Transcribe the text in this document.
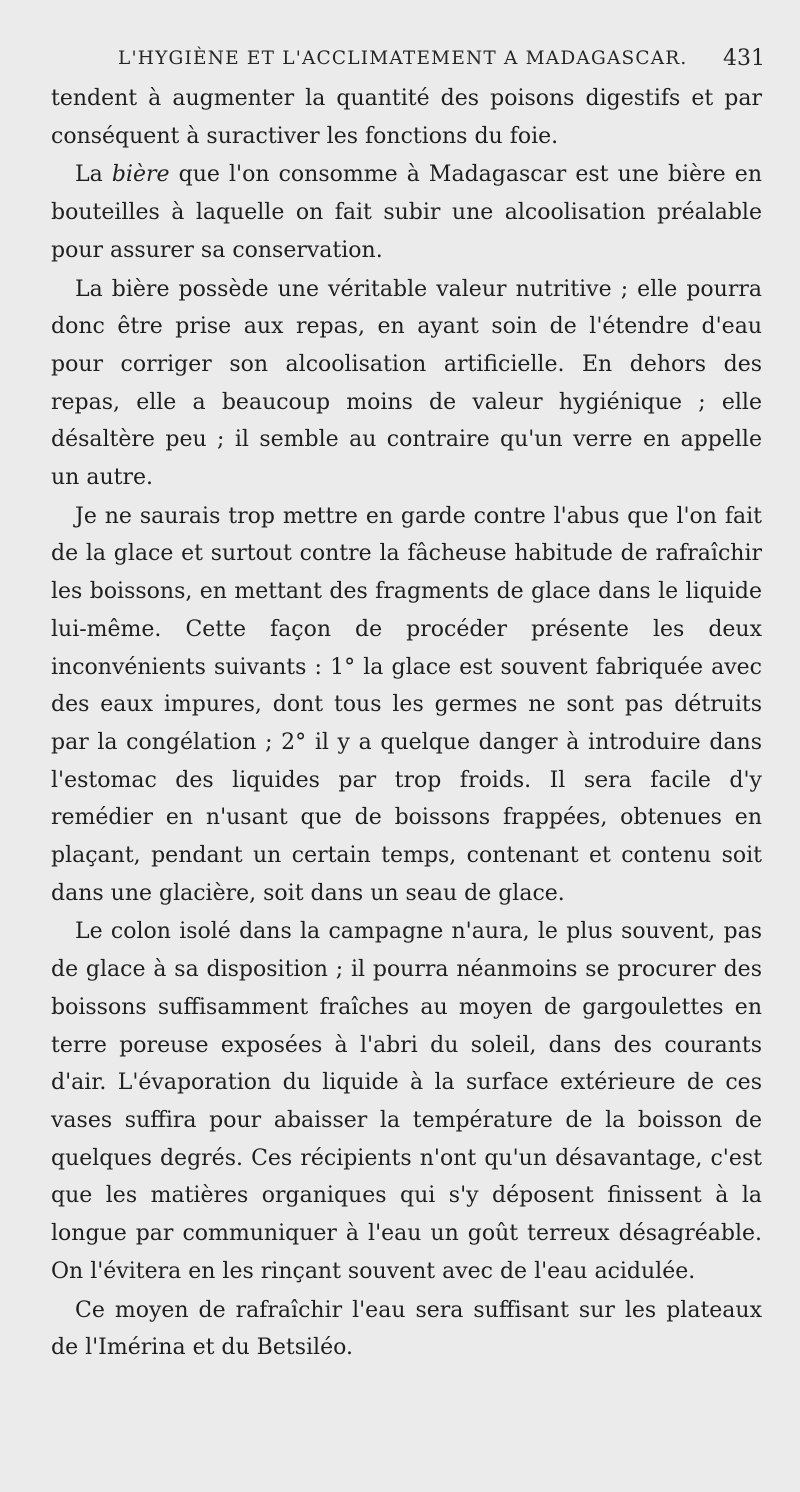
L'HYGIÈNE ET L'ACCLIMATEMENT A MADAGASCAR. 431

tendent à augmenter la quantité des poisons digestifs et par conséquent à suractiver les fonctions du foie.

La bière que l'on consomme à Madagascar est une bière en bouteilles à laquelle on fait subir une alcoolisation préalable pour assurer sa conservation.

La bière possède une véritable valeur nutritive ; elle pourra donc être prise aux repas, en ayant soin de l'étendre d'eau pour corriger son alcoolisation artificielle. En dehors des repas, elle a beaucoup moins de valeur hygiénique ; elle désaltère peu ; il semble au contraire qu'un verre en appelle un autre.

Je ne saurais trop mettre en garde contre l'abus que l'on fait de la glace et surtout contre la fâcheuse habitude de rafraîchir les boissons, en mettant des fragments de glace dans le liquide lui-même. Cette façon de procéder présente les deux inconvénients suivants : 1° la glace est souvent fabriquée avec des eaux impures, dont tous les germes ne sont pas détruits par la congélation ; 2° il y a quelque danger à introduire dans l'estomac des liquides par trop froids. Il sera facile d'y remédier en n'usant que de boissons frappées, obtenues en plaçant, pendant un certain temps, contenant et contenu soit dans une glacière, soit dans un seau de glace.

Le colon isolé dans la campagne n'aura, le plus souvent, pas de glace à sa disposition ; il pourra néanmoins se procurer des boissons suffisamment fraîches au moyen de gargoulettes en terre poreuse exposées à l'abri du soleil, dans des courants d'air. L'évaporation du liquide à la surface extérieure de ces vases suffira pour abaisser la température de la boisson de quelques degrés. Ces récipients n'ont qu'un désavantage, c'est que les matières organiques qui s'y déposent finissent à la longue par communiquer à l'eau un goût terreux désagréable. On l'évitera en les rinçant souvent avec de l'eau acidulée.

Ce moyen de rafraîchir l'eau sera suffisant sur les plateaux de l'Imérina et du Betsiléo.
